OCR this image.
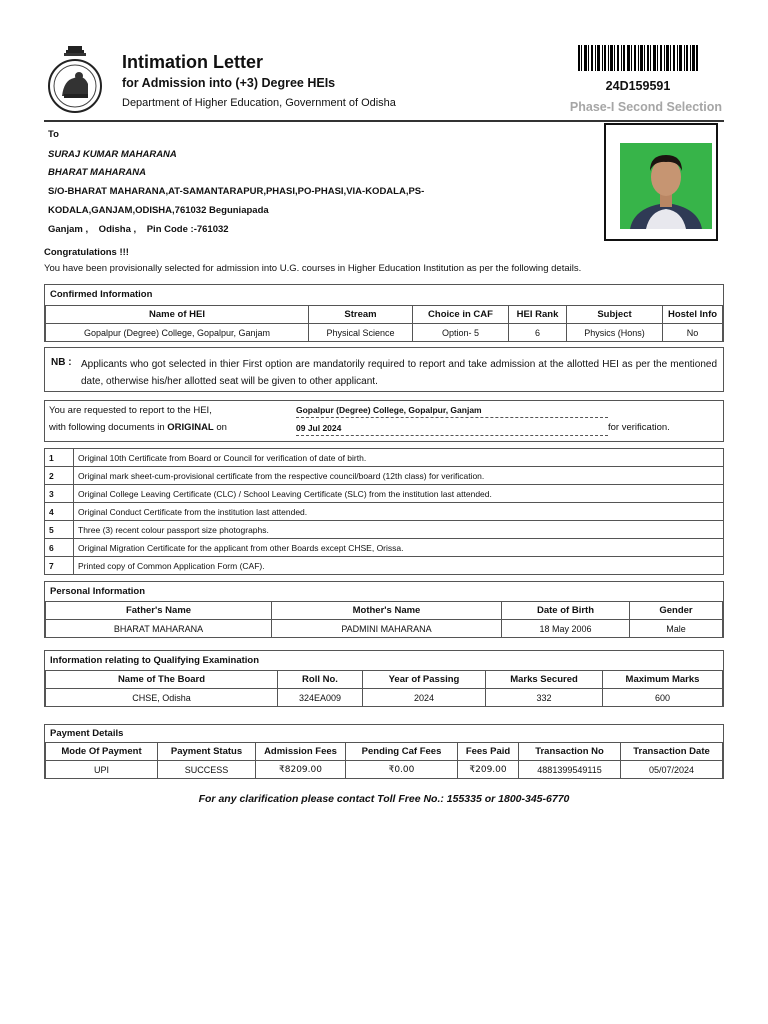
Intimation Letter
for Admission into (+3) Degree HEIs
Department of Higher Education, Government of Odisha
24D159591
Phase-I Second Selection
To
SURAJ KUMAR MAHARANA
BHARAT MAHARANA
S/O-BHARAT MAHARANA,AT-SAMANTARAPUR,PHASI,PO-PHASI,VIA-KODALA,PS-
KODALA,GANJAM,ODISHA,761032 Beguniapada
Ganjam ,    Odisha ,    Pin Code :-761032
Congratulations !!!
You have been provisionally selected for admission into U.G. courses in Higher Education Institution as per the following details.
Confirmed Information
Name of HEI	Stream	Choice in CAF	HEI Rank	Subject	Hostel Info
Gopalpur (Degree) College, Gopalpur, Ganjam	Physical Science	Option- 5	6	Physics (Hons)	No
NB : Applicants who got selected in thier First option are mandatorily required to report and take admission at the allotted HEI as per the mentioned date, otherwise his/her allotted seat will be given to other applicant.
You are requested to report to the HEI,
with following documents in ORIGINAL on
Gopalpur (Degree) College, Gopalpur, Ganjam
09 Jul 2024	for verification.
1	Original 10th Certificate from Board or Council for verification of date of birth.
2	Original mark sheet-cum-provisional certificate from the respective council/board (12th class) for verification.
3	Original College Leaving Certificate (CLC) / School Leaving Certificate (SLC) from the institution last attended.
4	Original Conduct Certificate from the institution last attended.
5	Three (3) recent colour passport size photographs.
6	Original Migration Certificate for the applicant from other Boards except CHSE, Orissa.
7	Printed copy of Common Application Form (CAF).
Personal Information
Father's Name	Mother's Name	Date of Birth	Gender
BHARAT MAHARANA	PADMINI MAHARANA	18 May 2006	Male
Information relating to Qualifying Examination
Name of The Board	Roll No.	Year of Passing	Marks Secured	Maximum Marks
CHSE, Odisha	324EA009	2024	332	600
Payment Details
Mode Of Payment	Payment Status	Admission Fees	Pending Caf Fees	Fees Paid	Transaction No	Transaction Date
UPI	SUCCESS	₹8209.00	₹0.00	₹209.00	4881399549115	05/07/2024
For any clarification please contact Toll Free No.: 155335 or 1800-345-6770
